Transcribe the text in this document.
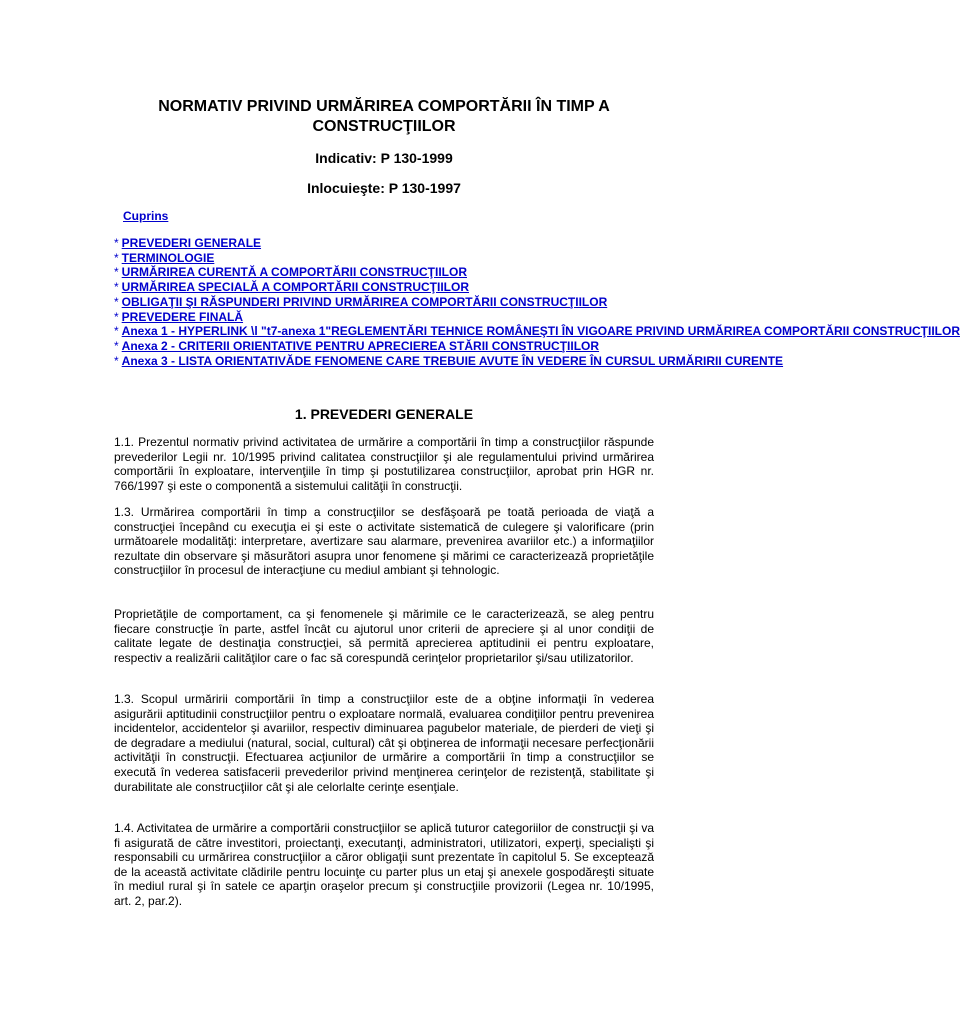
NORMATIV PRIVIND URMĂRIREA COMPORTĂRII ÎN TIMP A CONSTRUCŢIILOR
Indicativ: P 130-1999
Inlocuieşte: P 130-1997
Cuprins
* PREVEDERI GENERALE
* TERMINOLOGIE
* URMĂRIREA CURENTĂ A COMPORTĂRII CONSTRUCŢIILOR
* URMĂRIREA SPECIALĂ A COMPORTĂRII CONSTRUCŢIILOR
* OBLIGAŢII ŞI RĂSPUNDERI PRIVIND URMĂRIREA COMPORTĂRII CONSTRUCŢIILOR
* PREVEDERE FINALĂ
* Anexa 1 - HYPERLINK \l "t7-anexa 1"REGLEMENTĂRI TEHNICE ROMÂNEŞTI ÎN VIGOARE PRIVIND URMĂRIREA COMPORTĂRII CONSTRUCŢIILOR
* Anexa 2 - CRITERII ORIENTATIVE PENTRU APRECIEREA STĂRII CONSTRUCŢIILOR
* Anexa 3 - LISTA ORIENTATIVĂDE FENOMENE CARE TREBUIE AVUTE ÎN VEDERE ÎN CURSUL URMĂRIRII CURENTE
1. PREVEDERI GENERALE
1.1. Prezentul normativ privind activitatea de urmărire a comportării în timp a construcţiilor răspunde prevederilor Legii nr. 10/1995 privind calitatea construcţiilor şi ale regulamentului privind urmărirea comportării în exploatare, intervenţiile în timp şi postutilizarea construcţiilor, aprobat prin HGR nr. 766/1997 şi este o componentă a sistemului calităţii în construcţii.
1.3. Urmărirea comportării în timp a construcţiilor se desfăşoară pe toată perioada de viaţă a construcţiei începând cu execuţia ei şi este o activitate sistematică de culegere şi valorificare (prin următoarele modalităţi: interpretare, avertizare sau alarmare, prevenirea avariilor etc.) a informaţiilor rezultate din observare şi măsurători asupra unor fenomene şi mărimi ce caracterizează proprietăţile construcţiilor în procesul de interacţiune cu mediul ambiant şi tehnologic.
Proprietăţile de comportament, ca şi fenomenele şi mărimile ce le caracterizează, se aleg pentru fiecare construcţie în parte, astfel încât cu ajutorul unor criterii de apreciere şi al unor condiţii de calitate legate de destinaţia construcţiei, să permită aprecierea aptitudinii ei pentru exploatare, respectiv a realizării calităţilor care o fac să corespundă cerinţelor proprietarilor şi/sau utilizatorilor.
1.3. Scopul urmăririi comportării în timp a construcţiilor este de a obţine informaţii în vederea asigurării aptitudinii construcţiilor pentru o exploatare normală, evaluarea condiţiilor pentru prevenirea incidentelor, accidentelor şi avariilor, respectiv diminuarea pagubelor materiale, de pierderi de vieţi şi de degradare a mediului (natural, social, cultural) cât şi obţinerea de informaţii necesare perfecţionării activităţii în construcţii. Efectuarea acţiunilor de urmărire a comportării în timp a construcţiilor se execută în vederea satisfacerii prevederilor privind menţinerea cerinţelor de rezistenţă, stabilitate şi durabilitate ale construcţiilor cât şi ale celorlalte cerinţe esenţiale.
1.4. Activitatea de urmărire a comportării construcţiilor se aplică tuturor categoriilor de construcţii şi va fi asigurată de către investitori, proiectanţi, executanţi, administratori, utilizatori, experţi, specialişti şi responsabili cu urmărirea construcţiilor a căror obligaţii sunt prezentate în capitolul 5. Se exceptează de la această activitate clădirile pentru locuinţe cu parter plus un etaj şi anexele gospodăreşti situate în mediul rural şi în satele ce aparţin oraşelor precum şi construcţiile provizorii (Legea nr. 10/1995, art. 2, par.2).
